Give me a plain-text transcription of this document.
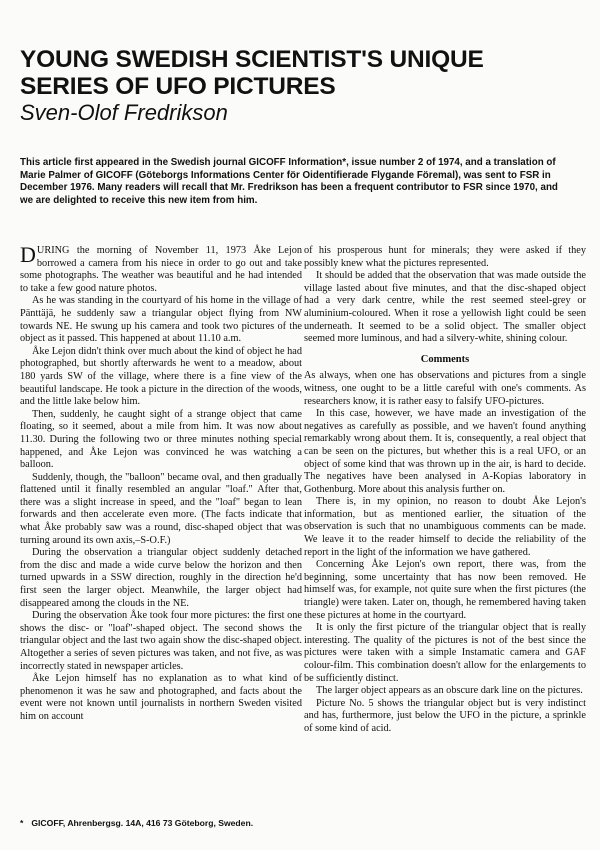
YOUNG SWEDISH SCIENTIST'S UNIQUE SERIES OF UFO PICTURES
Sven-Olof Fredrikson

This article first appeared in the Swedish journal GICOFF Information*, issue number 2 of 1974, and a translation of Marie Palmer of GICOFF (Göteborgs Informations Center för Oidentifierade Flygande Föremal), was sent to FSR in December 1976. Many readers will recall that Mr. Fredrikson has been a frequent contributor to FSR since 1970, and we are delighted to receive this new item from him.

DURING the morning of November 11, 1973 Åke Lejon borrowed a camera from his niece in order to go out and take some photographs. The weather was beautiful and he had intended to take a few good nature photos.

As he was standing in the courtyard of his home in the village of Pänttäjä, he suddenly saw a triangular object flying from NW towards NE. He swung up his camera and took two pictures of the object as it passed. This happened at about 11.10 a.m.

Åke Lejon didn't think over much about the kind of object he had photographed, but shortly afterwards he went to a meadow, about 180 yards SW of the village, where there is a fine view of the beautiful landscape. He took a picture in the direction of the woods, and the little lake below him.

Then, suddenly, he caught sight of a strange object that came floating, so it seemed, about a mile from him. It was now about 11.30. During the following two or three minutes nothing special happened, and Åke Lejon was convinced he was watching a balloon.

Suddenly, though, the "balloon" became oval, and then gradually flattened until it finally resembled an angular "loaf." After that, there was a slight increase in speed, and the "loaf" began to lean forwards and then accelerate even more. (The facts indicate that what Åke probably saw was a round, disc-shaped object that was turning around its own axis,–S-O.F.)

During the observation a triangular object suddenly detached from the disc and made a wide curve below the horizon and then turned upwards in a SSW direction, roughly in the direction he'd first seen the larger object. Meanwhile, the larger object had disappeared among the clouds in the NE.

During the observation Åke took four more pictures: the first one shows the disc- or "loaf"-shaped object. The second shows the triangular object and the last two again show the disc-shaped object. Altogether a series of seven pictures was taken, and not five, as was incorrectly stated in newspaper articles.

Åke Lejon himself has no explanation as to what kind of phenomenon it was he saw and photographed, and facts about the event were not known until journalists in northern Sweden visited him on account

of his prosperous hunt for minerals; they were asked if they possibly knew what the pictures represented.

It should be added that the observation that was made outside the village lasted about five minutes, and that the disc-shaped object had a very dark centre, while the rest seemed steel-grey or aluminium-coloured. When it rose a yellowish light could be seen underneath. It seemed to be a solid object. The smaller object seemed more luminous, and had a silvery-white, shining colour.

Comments

As always, when one has observations and pictures from a single witness, one ought to be a little careful with one's comments. As researchers know, it is rather easy to falsify UFO-pictures.

In this case, however, we have made an investigation of the negatives as carefully as possible, and we haven't found anything remarkably wrong about them. It is, consequently, a real object that can be seen on the pictures, but whether this is a real UFO, or an object of some kind that was thrown up in the air, is hard to decide. The negatives have been analysed in A-Kopias laboratory in Gothenburg. More about this analysis further on.

There is, in my opinion, no reason to doubt Åke Lejon's information, but as mentioned earlier, the situation of the observation is such that no unambiguous comments can be made. We leave it to the reader himself to decide the reliability of the report in the light of the information we have gathered.

Concerning Åke Lejon's own report, there was, from the beginning, some uncertainty that has now been removed. He himself was, for example, not quite sure when the first pictures (the triangle) were taken. Later on, though, he remembered having taken these pictures at home in the courtyard.

It is only the first picture of the triangular object that is really interesting. The quality of the pictures is not of the best since the pictures were taken with a simple Instamatic camera and GAF colour-film. This combination doesn't allow for the enlargements to be sufficiently distinct.

The larger object appears as an obscure dark line on the pictures.

Picture No. 5 shows the triangular object but is very indistinct and has, furthermore, just below the UFO in the picture, a sprinkle of some kind of acid.

* GICOFF, Ahrenbergsg. 14A, 416 73 Göteborg, Sweden.
